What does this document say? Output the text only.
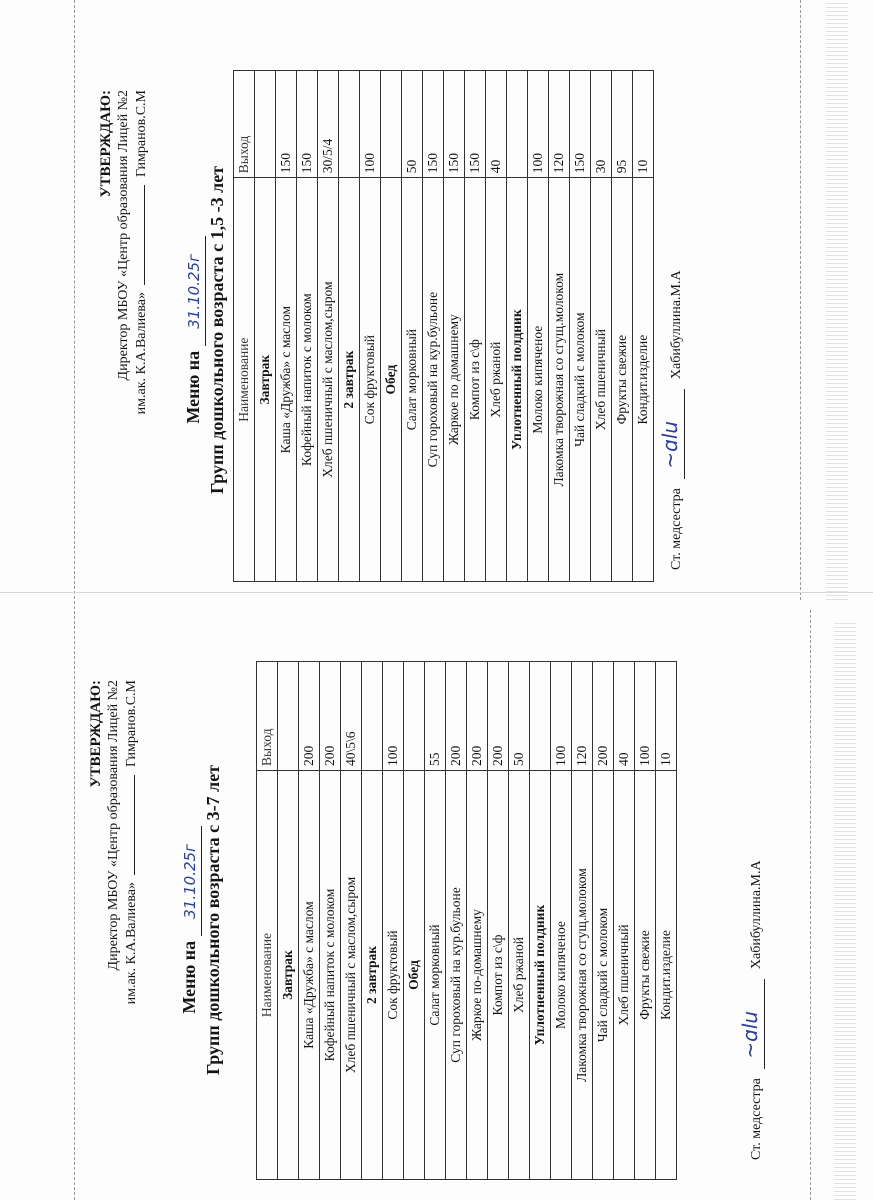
УТВЕРЖДАЮ: Директор МБОУ «Центр образования Лицей №2 им.ак. К.А.Валиева»  Гимранов.С.М
Меню на 31.10.25г Групп дошкольного возраста с 1,5 -3 лет Наименование	Выход
Завтрак	
Каша «Дружба» с маслом	150
Кофейный напиток с молоком	150
Хлеб пшеничный с маслом,сыром	30/5/4
2 завтрак	
Сок фруктовый	100
Обед	
Салат морковный	50
Суп гороховый на кур.бульоне	150
Жаркое по домашнему	150
Компот из с\ф	150
Хлеб ржаной	40
Уплотненный полдник	
Молоко кипяченое	100
Лакомка творожная со сгущ.молоком	120
Чай сладкий с молоком	150
Хлеб пшеничный	30
Фрукты свежие	95
Кондит.изделие	10
Ст. медсестра
~ɑlu
Хабибуллина.М.А
УТВЕРЖДАЮ: Директор МБОУ «Центр образования Лицей №2 им.ак. К.А.Валиева»  Гимранов.С.М
Меню на 31.10.25г Групп дошкольного возраста с 3-7 лет	Наименование	Выход
Завтрак	
Каша «Дружба» с маслом	200
Кофейный напиток с молоком	200
Хлеб пшеничный с маслом,сыром	40\5\6
2 завтрак	
Сок фруктовый	100
Обед	
Салат морковный	55
Суп гороховый на кур.бульоне	200
Жаркое по-домашнему	200
Компот из с\ф	200
Хлеб ржаной	50
Уплотненный полдник	
Молоко кипяченое	100
Лакомка творожная со сгущ.молоком	120
Чай сладкий с молоком	200
Хлеб пшеничный	40
Фрукты свежие	100
Кондит.изделие	10
Ст. медсестра
~ɑlu
Хабибуллина.М.А
